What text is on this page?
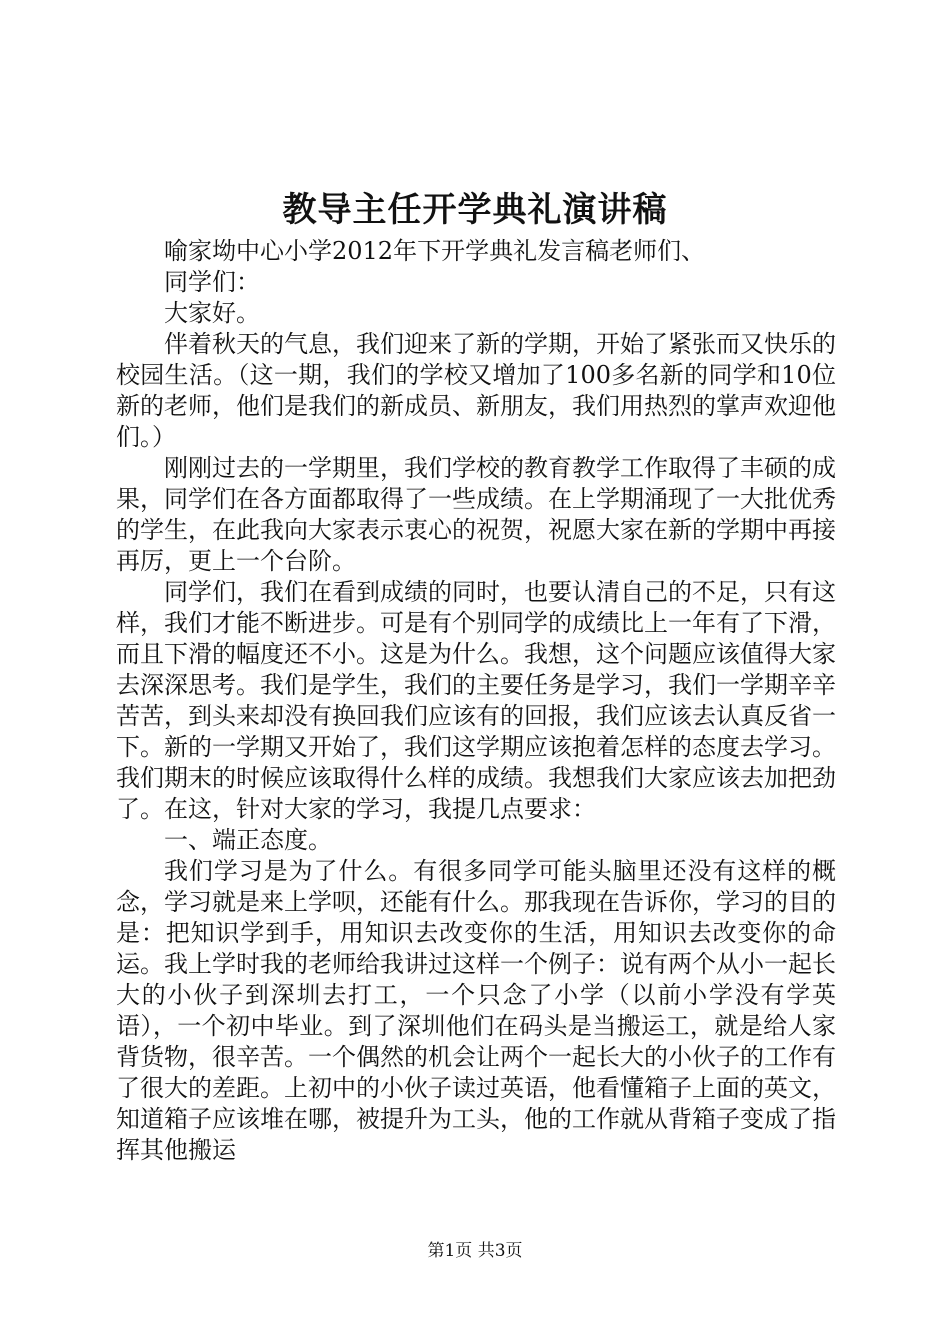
教导主任开学典礼演讲稿

喻家坳中心小学2012年下开学典礼发言稿老师们、

同学们：

大家好。

伴着秋天的气息，我们迎来了新的学期，开始了紧张而又快乐的校园生活。（这一期，我们的学校又增加了100多名新的同学和10位新的老师，他们是我们的新成员、新朋友，我们用热烈的掌声欢迎他们。）

刚刚过去的一学期里，我们学校的教育教学工作取得了丰硕的成果，同学们在各方面都取得了一些成绩。在上学期涌现了一大批优秀的学生，在此我向大家表示衷心的祝贺，祝愿大家在新的学期中再接再厉，更上一个台阶。

同学们，我们在看到成绩的同时，也要认清自己的不足，只有这样，我们才能不断进步。可是有个别同学的成绩比上一年有了下滑，而且下滑的幅度还不小。这是为什么。我想，这个问题应该值得大家去深深思考。我们是学生，我们的主要任务是学习，我们一学期辛辛苦苦，到头来却没有换回我们应该有的回报，我们应该去认真反省一下。新的一学期又开始了，我们这学期应该抱着怎样的态度去学习。我们期末的时候应该取得什么样的成绩。我想我们大家应该去加把劲了。在这，针对大家的学习，我提几点要求：

一、端正态度。

我们学习是为了什么。有很多同学可能头脑里还没有这样的概念，学习就是来上学呗，还能有什么。那我现在告诉你，学习的目的是：把知识学到手，用知识去改变你的生活，用知识去改变你的命运。我上学时我的老师给我讲过这样一个例子：说有两个从小一起长大的小伙子到深圳去打工，一个只念了小学（以前小学没有学英语），一个初中毕业。到了深圳他们在码头是当搬运工，就是给人家背货物，很辛苦。一个偶然的机会让两个一起长大的小伙子的工作有了很大的差距。上初中的小伙子读过英语，他看懂箱子上面的英文，知道箱子应该堆在哪，被提升为工头，他的工作就从背箱子变成了指挥其他搬运

第1页 共3页
